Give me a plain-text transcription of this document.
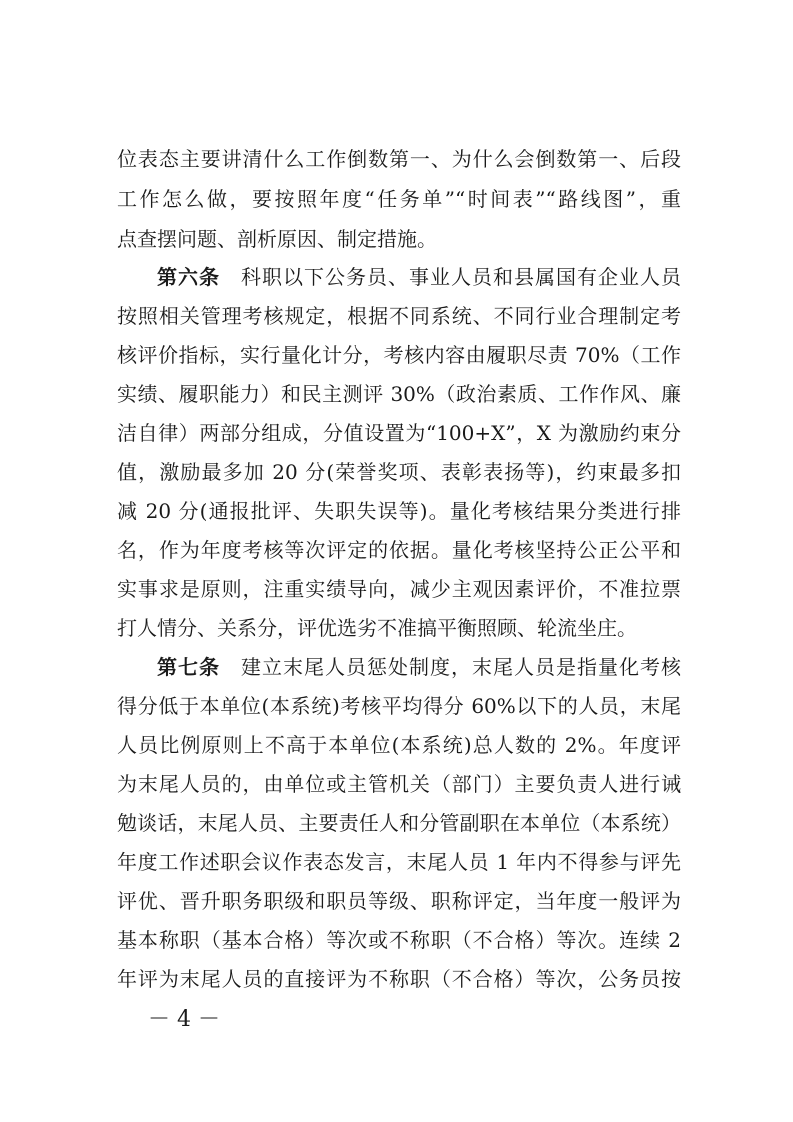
位表态主要讲清什么工作倒数第一、为什么会倒数第一、后段
工作怎么做，要按照年度“任务单”“时间表”“路线图”，重
点查摆问题、剖析原因、制定措施。
第六条  科职以下公务员、事业人员和县属国有企业人员
按照相关管理考核规定，根据不同系统、不同行业合理制定考
核评价指标，实行量化计分，考核内容由履职尽责 70%（工作
实绩、履职能力）和民主测评 30%（政治素质、工作作风、廉
洁自律）两部分组成，分值设置为“100+X”，X 为激励约束分
值，激励最多加 20 分(荣誉奖项、表彰表扬等)，约束最多扣
减 20 分(通报批评、失职失误等)。量化考核结果分类进行排
名，作为年度考核等次评定的依据。量化考核坚持公正公平和
实事求是原则，注重实绩导向，减少主观因素评价，不准拉票
打人情分、关系分，评优选劣不准搞平衡照顾、轮流坐庄。
第七条  建立末尾人员惩处制度，末尾人员是指量化考核
得分低于本单位(本系统)考核平均得分 60%以下的人员，末尾
人员比例原则上不高于本单位(本系统)总人数的 2%。年度评
为末尾人员的，由单位或主管机关（部门）主要负责人进行诫
勉谈话，末尾人员、主要责任人和分管副职在本单位（本系统）
年度工作述职会议作表态发言，末尾人员 1 年内不得参与评先
评优、晋升职务职级和职员等级、职称评定，当年度一般评为
基本称职（基本合格）等次或不称职（不合格）等次。连续 2
年评为末尾人员的直接评为不称职（不合格）等次，公务员按
－ 4 －
